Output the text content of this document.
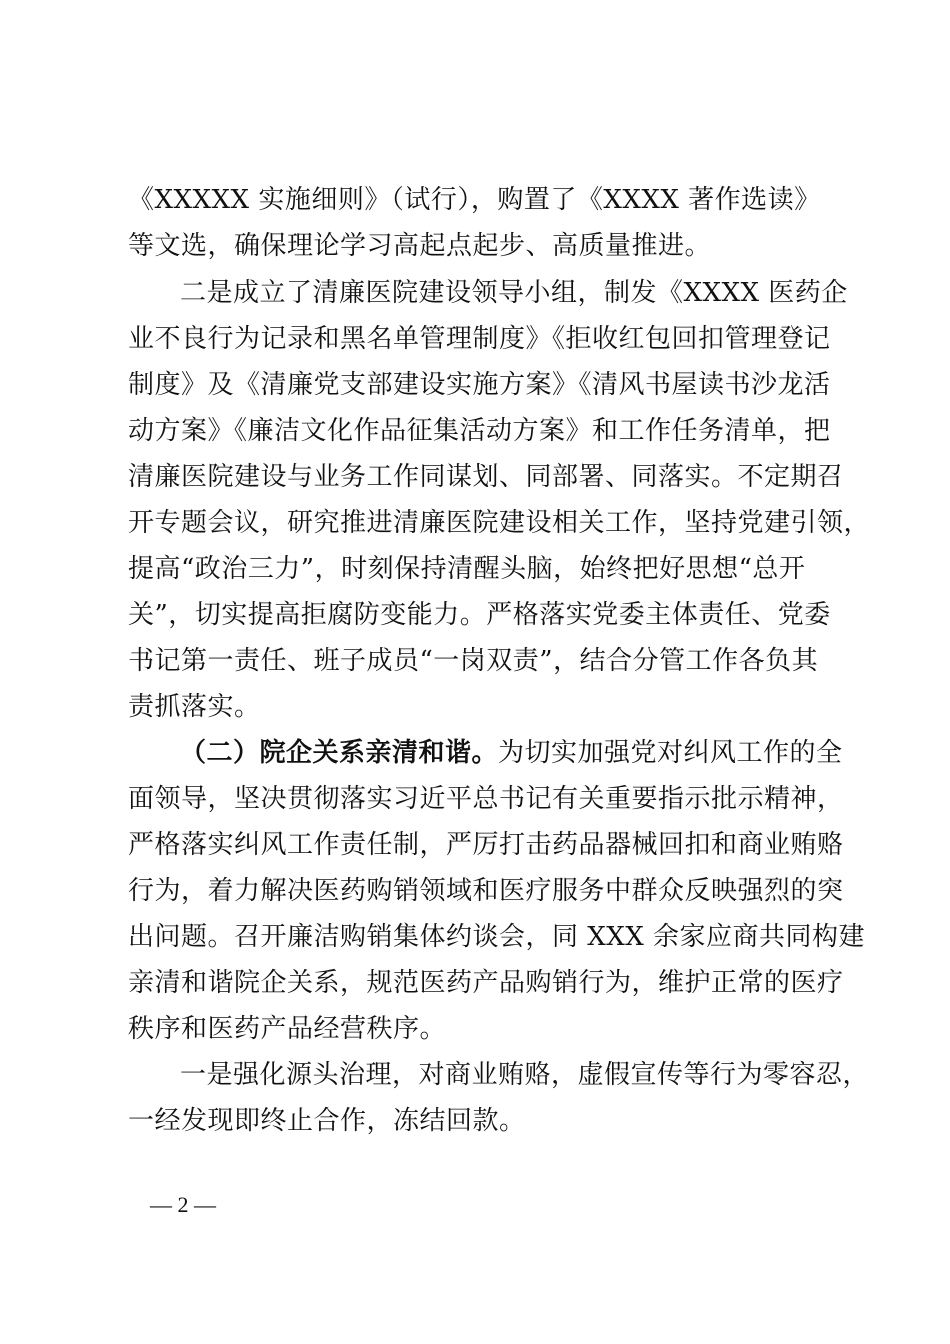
《XXXXX 实施细则》（试行），购置了《XXXX 著作选读》
等文选，确保理论学习高起点起步、高质量推进。
二是成立了清廉医院建设领导小组，制发《XXXX 医药企
业不良行为记录和黑名单管理制度》《拒收红包回扣管理登记
制度》及《清廉党支部建设实施方案》《清风书屋读书沙龙活
动方案》《廉洁文化作品征集活动方案》和工作任务清单，把
清廉医院建设与业务工作同谋划、同部署、同落实。不定期召
开专题会议，研究推进清廉医院建设相关工作，坚持党建引领，
提高“政治三力”，时刻保持清醒头脑，始终把好思想“总开
关”，切实提高拒腐防变能力。严格落实党委主体责任、党委
书记第一责任、班子成员“一岗双责”，结合分管工作各负其
责抓落实。
（二）院企关系亲清和谐。为切实加强党对纠风工作的全
面领导，坚决贯彻落实习近平总书记有关重要指示批示精神，
严格落实纠风工作责任制，严厉打击药品器械回扣和商业贿赂
行为，着力解决医药购销领域和医疗服务中群众反映强烈的突
出问题。召开廉洁购销集体约谈会，同 XXX 余家应商共同构建
亲清和谐院企关系，规范医药产品购销行为，维护正常的医疗
秩序和医药产品经营秩序。
一是强化源头治理，对商业贿赂，虚假宣传等行为零容忍，
一经发现即终止合作，冻结回款。
— 2 —
